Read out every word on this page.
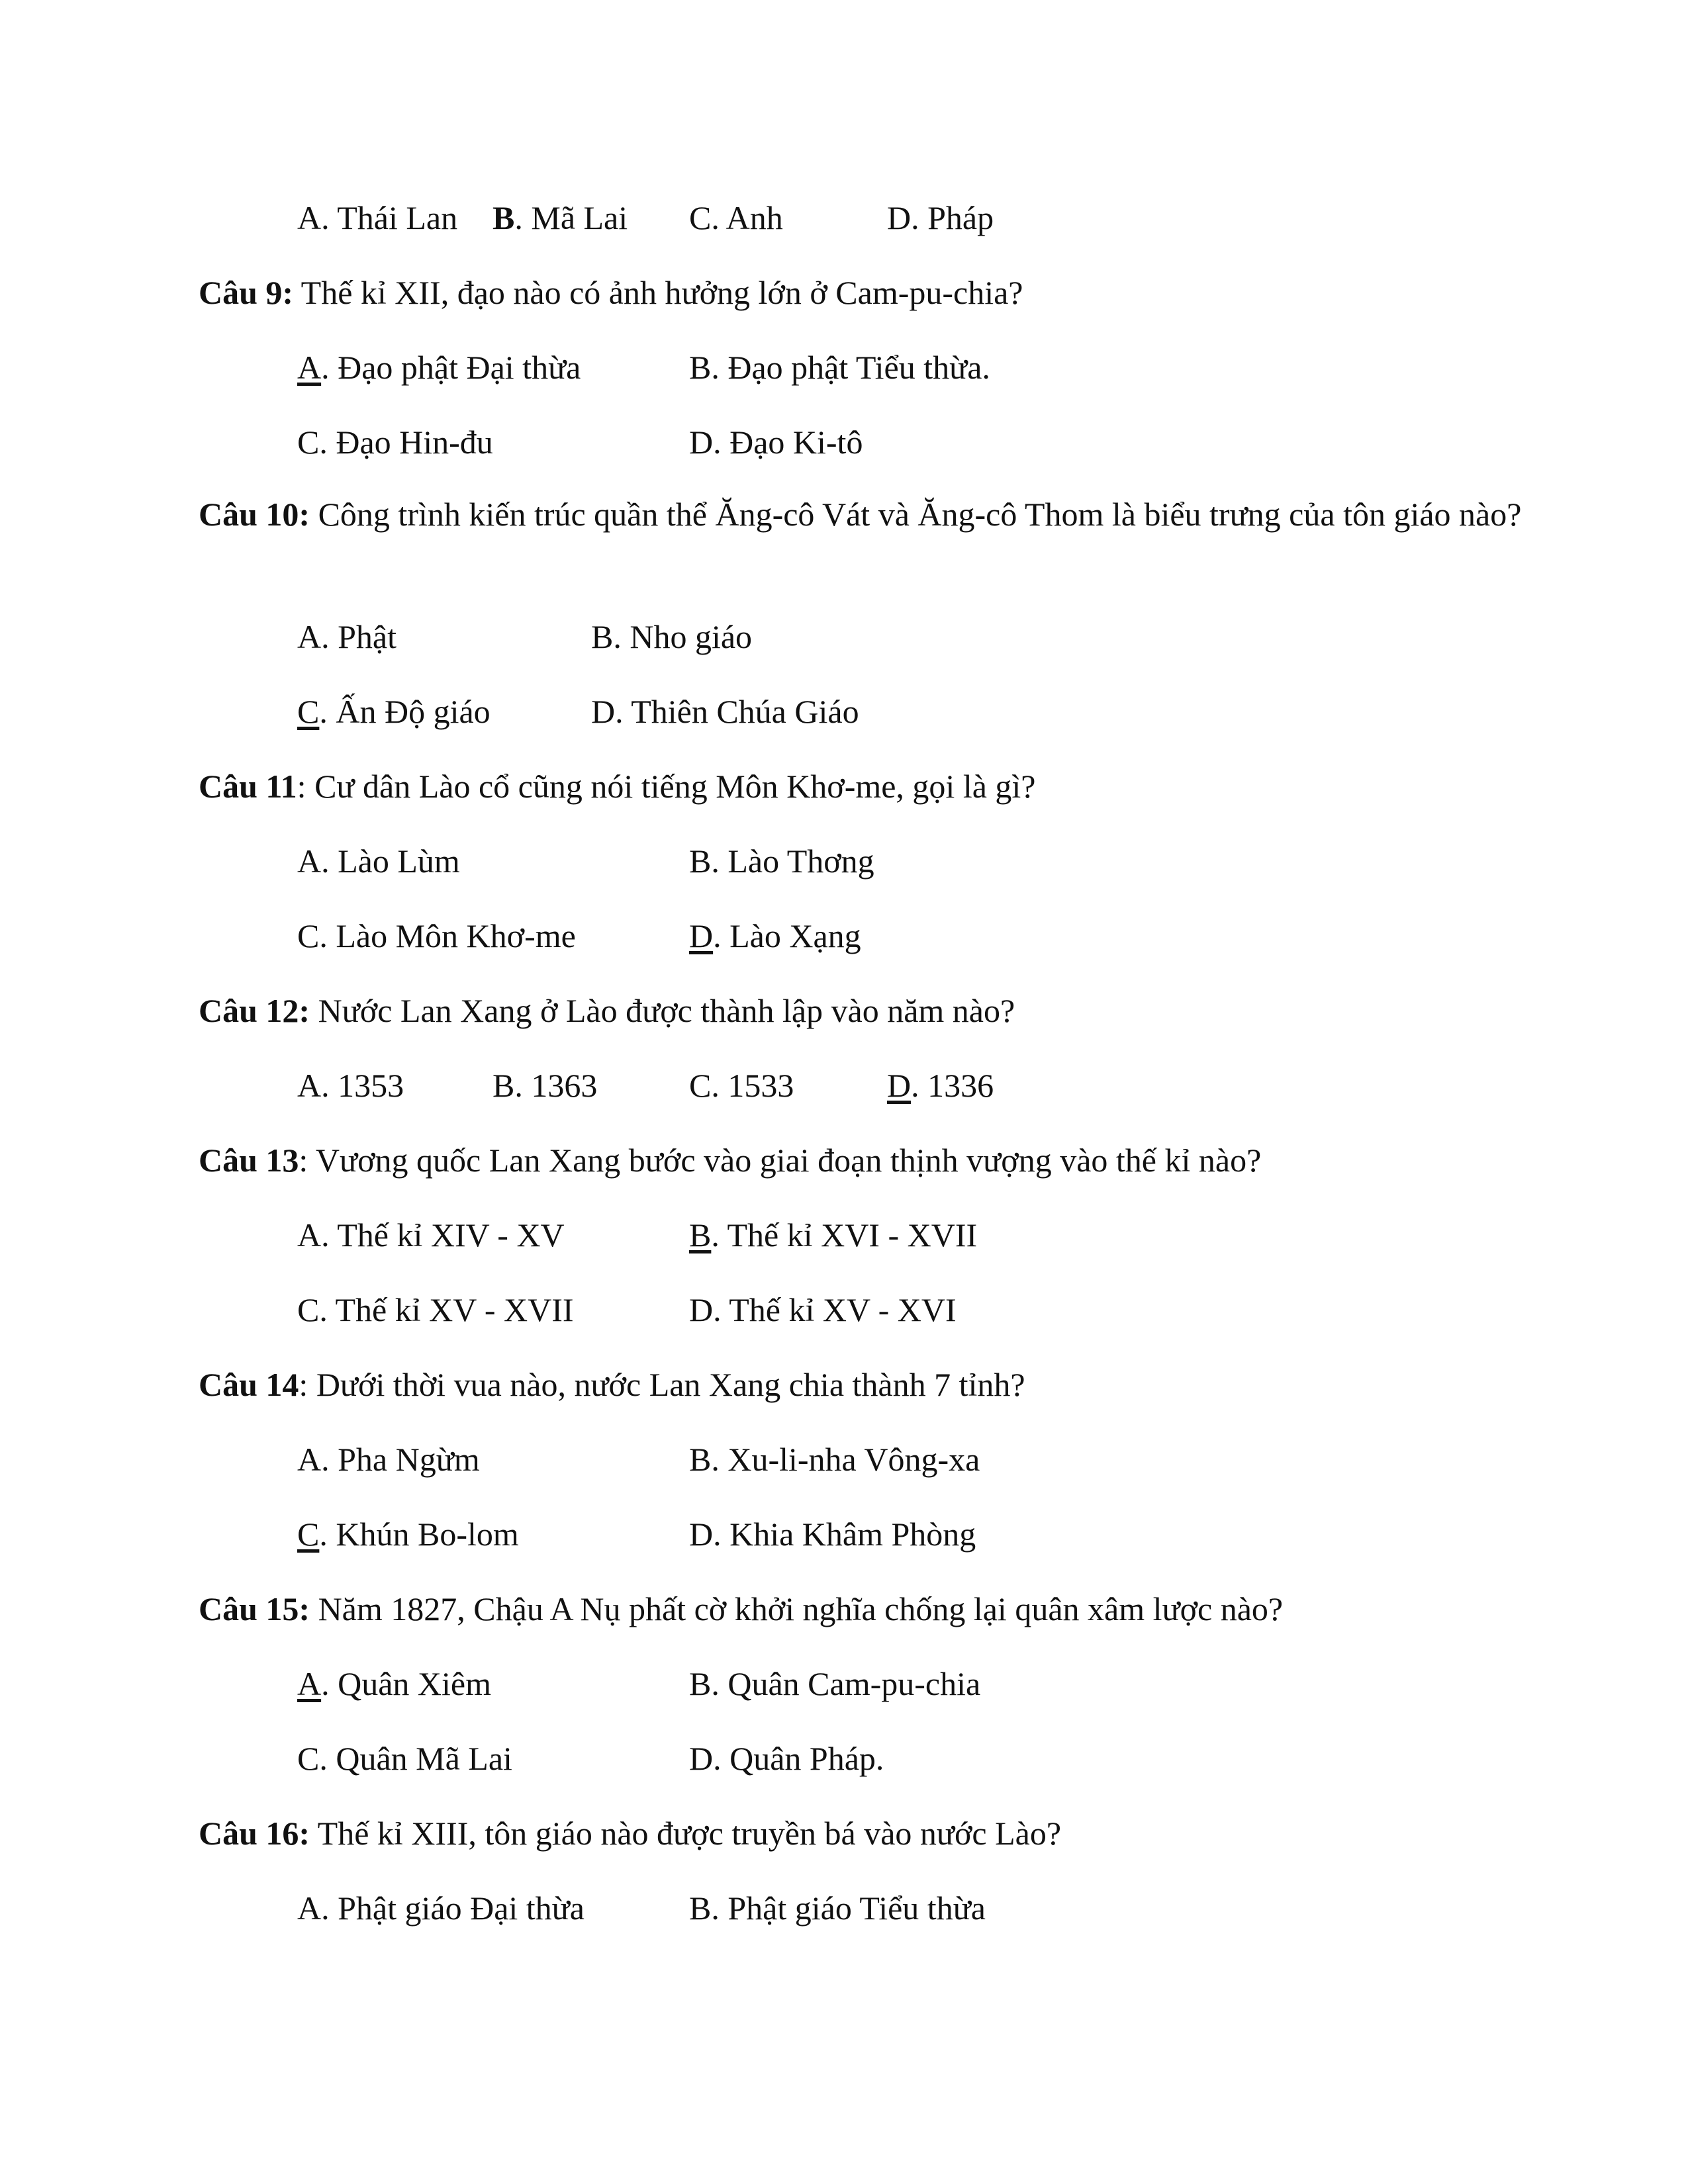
A. Thái Lan B. Mã Lai C. Anh	D. Pháp
Câu 9: Thế kỉ XII, đạo nào có ảnh hưởng lớn ở Cam-pu-chia?
A. Đạo phật Đại thừa	B. Đạo phật Tiểu thừa.
C. Đạo Hin-đu	D. Đạo Ki-tô
Câu 10: Công trình kiến trúc quần thể Ăng-cô Vát và Ăng-cô Thom là biểu trưng của tôn giáo nào?
A. Phật	B. Nho giáo
C. Ấn Độ giáo	D. Thiên Chúa Giáo
Câu 11: Cư dân Lào cổ cũng nói tiếng Môn Khơ-me, gọi là gì?
A. Lào Lùm	B. Lào Thơng
C. Lào Môn Khơ-me	D. Lào Xạng
Câu 12: Nước Lan Xang ở Lào được thành lập vào năm nào?
A. 1353	B. 1363	C. 1533	D. 1336
Câu 13: Vương quốc Lan Xang bước vào giai đoạn thịnh vượng vào thế kỉ nào?
A. Thế kỉ XIV - XV	B. Thế kỉ XVI - XVII
C. Thế kỉ XV - XVII	D. Thế kỉ XV - XVI
Câu 14: Dưới thời vua nào, nước Lan Xang chia thành 7 tỉnh?
A. Pha Ngừm	B. Xu-li-nha Vông-xa
C. Khún Bo-lom	D. Khia Khâm Phòng
Câu 15: Năm 1827, Chậu A Nụ phất cờ khởi nghĩa chống lại quân xâm lược nào?
A. Quân Xiêm	B. Quân Cam-pu-chia
C. Quân Mã Lai	D. Quân Pháp.
Câu 16: Thế kỉ XIII, tôn giáo nào được truyền bá vào nước Lào?
A. Phật giáo Đại thừa	B. Phật giáo Tiểu thừa
